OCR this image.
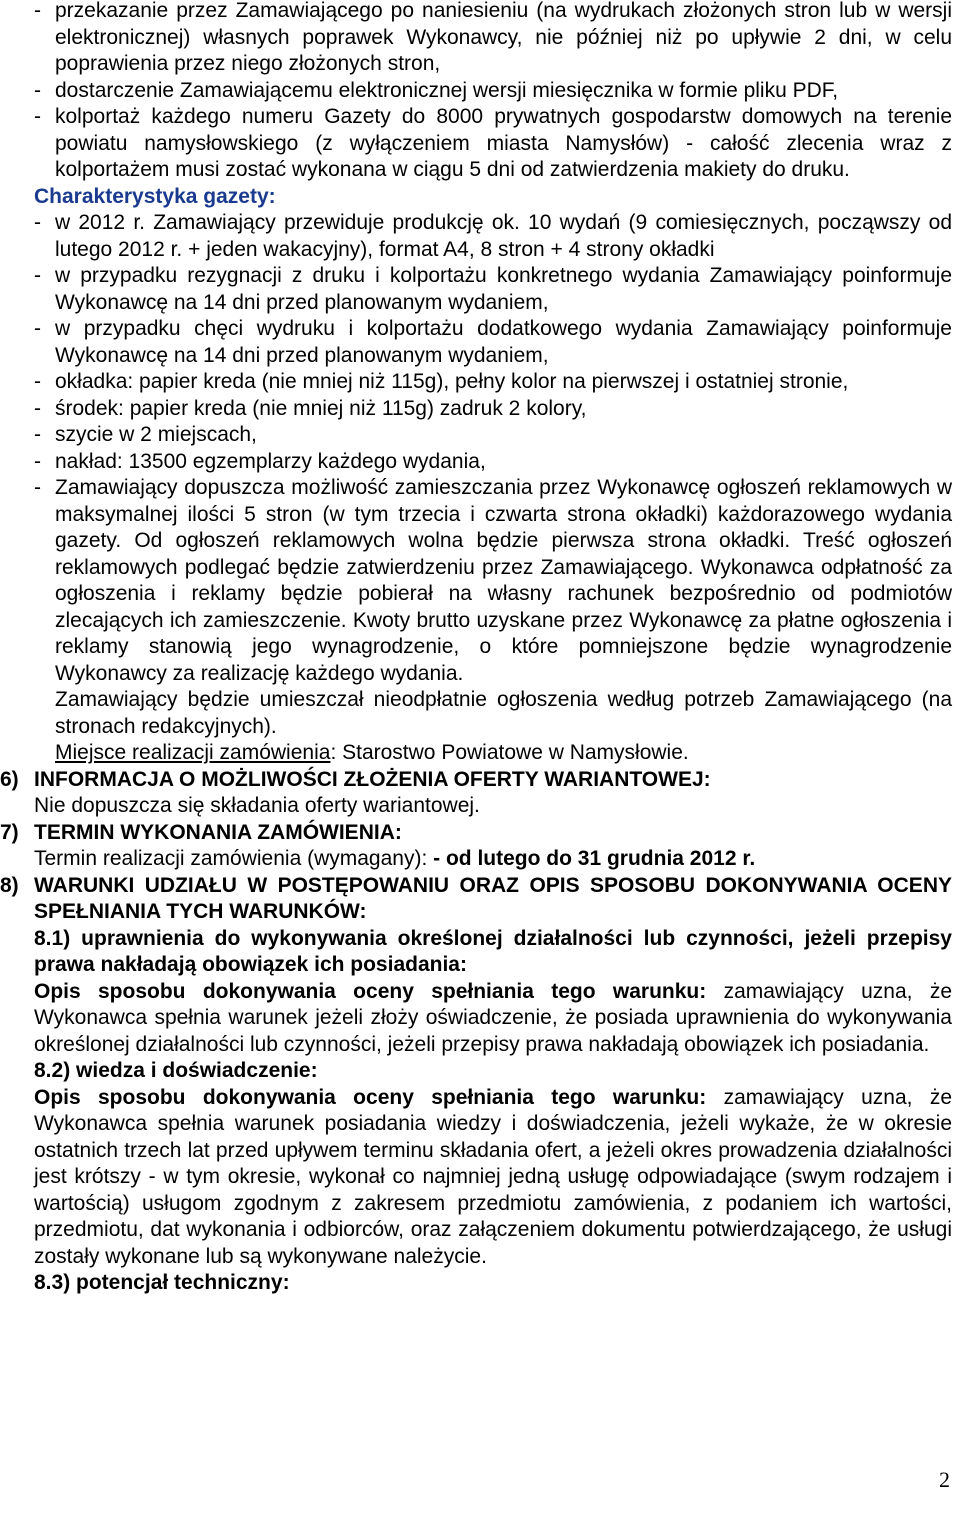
- przekazanie przez Zamawiającego po naniesieniu (na wydrukach złożonych stron lub w wersji elektronicznej) własnych poprawek Wykonawcy, nie później niż po upływie 2 dni, w celu poprawienia przez niego złożonych stron,
- dostarczenie Zamawiającemu elektronicznej wersji miesięcznika w formie pliku PDF,
- kolportaż każdego numeru Gazety do 8000 prywatnych gospodarstw domowych na terenie powiatu namysłowskiego (z wyłączeniem miasta Namysłów) - całość zlecenia wraz z kolportażem musi zostać wykonana w ciągu 5 dni od zatwierdzenia makiety do druku.
Charakterystyka gazety:
- w 2012 r. Zamawiający przewiduje produkcję ok. 10 wydań (9 comiesięcznych, począwszy od lutego 2012 r. + jeden wakacyjny), format A4, 8 stron + 4 strony okładki
- w przypadku rezygnacji z druku i kolportażu konkretnego wydania Zamawiający poinformuje Wykonawcę na 14 dni przed planowanym wydaniem,
- w przypadku chęci wydruku i kolportażu dodatkowego wydania Zamawiający poinformuje Wykonawcę na 14 dni przed planowanym wydaniem,
- okładka: papier kreda (nie mniej niż 115g), pełny kolor na pierwszej i ostatniej stronie,
- środek: papier kreda (nie mniej niż 115g) zadruk 2 kolory,
- szycie w 2 miejscach,
- nakład: 13500 egzemplarzy każdego wydania,
- Zamawiający dopuszcza możliwość zamieszczania przez Wykonawcę ogłoszeń reklamowych w maksymalnej ilości 5 stron (w tym trzecia i czwarta strona okładki) każdorazowego wydania gazety. Od ogłoszeń reklamowych wolna będzie pierwsza strona okładki. Treść ogłoszeń reklamowych podlegać będzie zatwierdzeniu przez Zamawiającego. Wykonawca odpłatność za ogłoszenia i reklamy będzie pobierał na własny rachunek bezpośrednio od podmiotów zlecających ich zamieszczenie. Kwoty brutto uzyskane przez Wykonawcę za płatne ogłoszenia i reklamy stanowią jego wynagrodzenie, o które pomniejszone będzie wynagrodzenie Wykonawcy za realizację każdego wydania.
Zamawiający będzie umieszczał nieodpłatnie ogłoszenia według potrzeb Zamawiającego (na stronach redakcyjnych).
Miejsce realizacji zamówienia: Starostwo Powiatowe w Namysłowie.
6) INFORMACJA O MOŻLIWOŚCI ZŁOŻENIA OFERTY WARIANTOWEJ:
Nie dopuszcza się składania oferty wariantowej.
7) TERMIN WYKONANIA ZAMÓWIENIA:
Termin realizacji zamówienia (wymagany): - od lutego do 31 grudnia 2012 r.
8) WARUNKI UDZIAŁU W POSTĘPOWANIU ORAZ OPIS SPOSOBU DOKONYWANIA OCENY SPEŁNIANIA TYCH WARUNKÓW:
8.1) uprawnienia do wykonywania określonej działalności lub czynności, jeżeli przepisy prawa nakładają obowiązek ich posiadania:
Opis sposobu dokonywania oceny spełniania tego warunku: zamawiający uzna, że Wykonawca spełnia warunek jeżeli złoży oświadczenie, że posiada uprawnienia do wykonywania określonej działalności lub czynności, jeżeli przepisy prawa nakładają obowiązek ich posiadania.
8.2) wiedza i doświadczenie:
Opis sposobu dokonywania oceny spełniania tego warunku: zamawiający uzna, że Wykonawca spełnia warunek posiadania wiedzy i doświadczenia, jeżeli wykaże, że w okresie ostatnich trzech lat przed upływem terminu składania ofert, a jeżeli okres prowadzenia działalności jest krótszy - w tym okresie, wykonał co najmniej jedną usługę odpowiadające (swym rodzajem i wartością) usługom zgodnym z zakresem przedmiotu zamówienia, z podaniem ich wartości, przedmiotu, dat wykonania i odbiorców, oraz załączeniem dokumentu potwierdzającego, że usługi zostały wykonane lub są wykonywane należycie.
8.3) potencjał techniczny:
2
